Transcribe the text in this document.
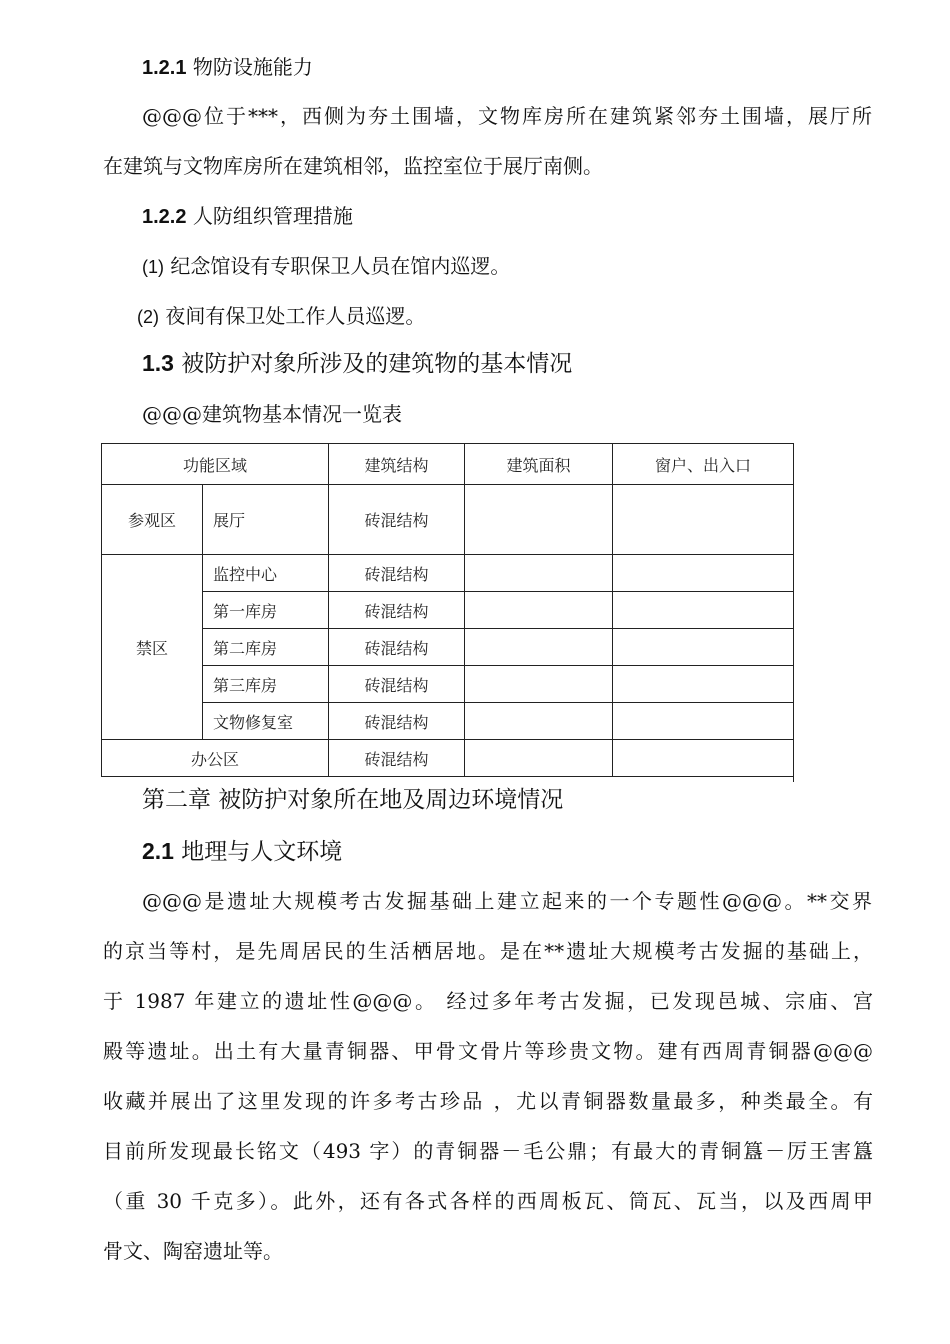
1.2.1 物防设施能力
@@@位于***，西侧为夯土围墙，文物库房所在建筑紧邻夯土围墙，展厅所
在建筑与文物库房所在建筑相邻，监控室位于展厅南侧。
1.2.2 人防组织管理措施
(1) 纪念馆设有专职保卫人员在馆内巡逻。
(2) 夜间有保卫处工作人员巡逻。
1.3 被防护对象所涉及的建筑物的基本情况
@@@建筑物基本情况一览表
功能区域		建筑结构	建筑面积	窗户、出入口
参观区	展厅	砖混结构		
禁区	监控中心	砖混结构		
	第一库房	砖混结构		
	第二库房	砖混结构		
	第三库房	砖混结构		
	文物修复室	砖混结构		
办公区		砖混结构		
第二章 被防护对象所在地及周边环境情况
2.1 地理与人文环境
@@@是遗址大规模考古发掘基础上建立起来的一个专题性@@@。**交界
的京当等村，是先周居民的生活栖居地。是在**遗址大规模考古发掘的基础上，
于 1987 年建立的遗址性@@@。 经过多年考古发掘，已发现邑城、宗庙、宫
殿等遗址。出土有大量青铜器、甲骨文骨片等珍贵文物。建有西周青铜器@@@
收藏并展出了这里发现的许多考古珍品 ，尤以青铜器数量最多，种类最全。有
目前所发现最长铭文（493 字）的青铜器－毛公鼎；有最大的青铜簋－厉王害簋
（重 30 千克多）。此外，还有各式各样的西周板瓦、筒瓦、瓦当，以及西周甲
骨文、陶窑遗址等。
